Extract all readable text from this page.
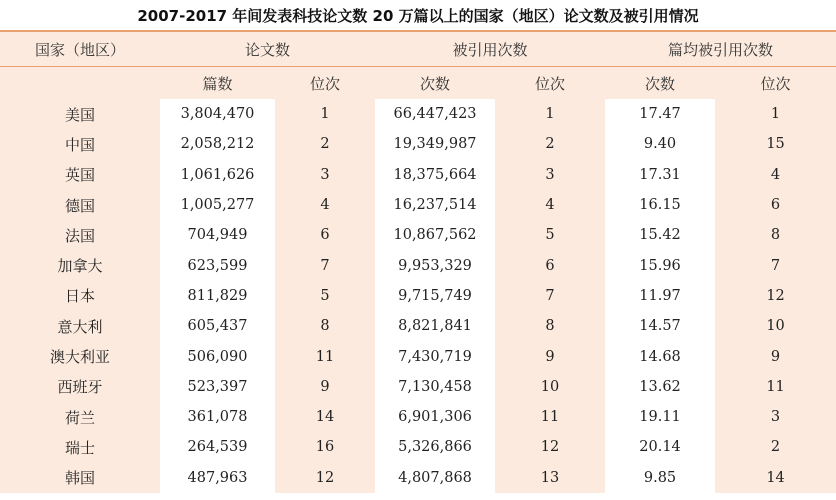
2007-2017 年间发表科技论文数 20 万篇以上的国家（地区）论文数及被引用情况
国家（地区）	论文数		被引用次数		篇均被引用次数	
	篇数	位次	次数	位次	次数	位次
美国	3,804,470	1	66,447,423	1	17.47	1
中国	2,058,212	2	19,349,987	2	9.40	15
英国	1,061,626	3	18,375,664	3	17.31	4
德国	1,005,277	4	16,237,514	4	16.15	6
法国	704,949	6	10,867,562	5	15.42	8
加拿大	623,599	7	9,953,329	6	15.96	7
日本	811,829	5	9,715,749	7	11.97	12
意大利	605,437	8	8,821,841	8	14.57	10
澳大利亚	506,090	11	7,430,719	9	14.68	9
西班牙	523,397	9	7,130,458	10	13.62	11
荷兰	361,078	14	6,901,306	11	19.11	3
瑞士	264,539	16	5,326,866	12	20.14	2
韩国	487,963	12	4,807,868	13	9.85	14
